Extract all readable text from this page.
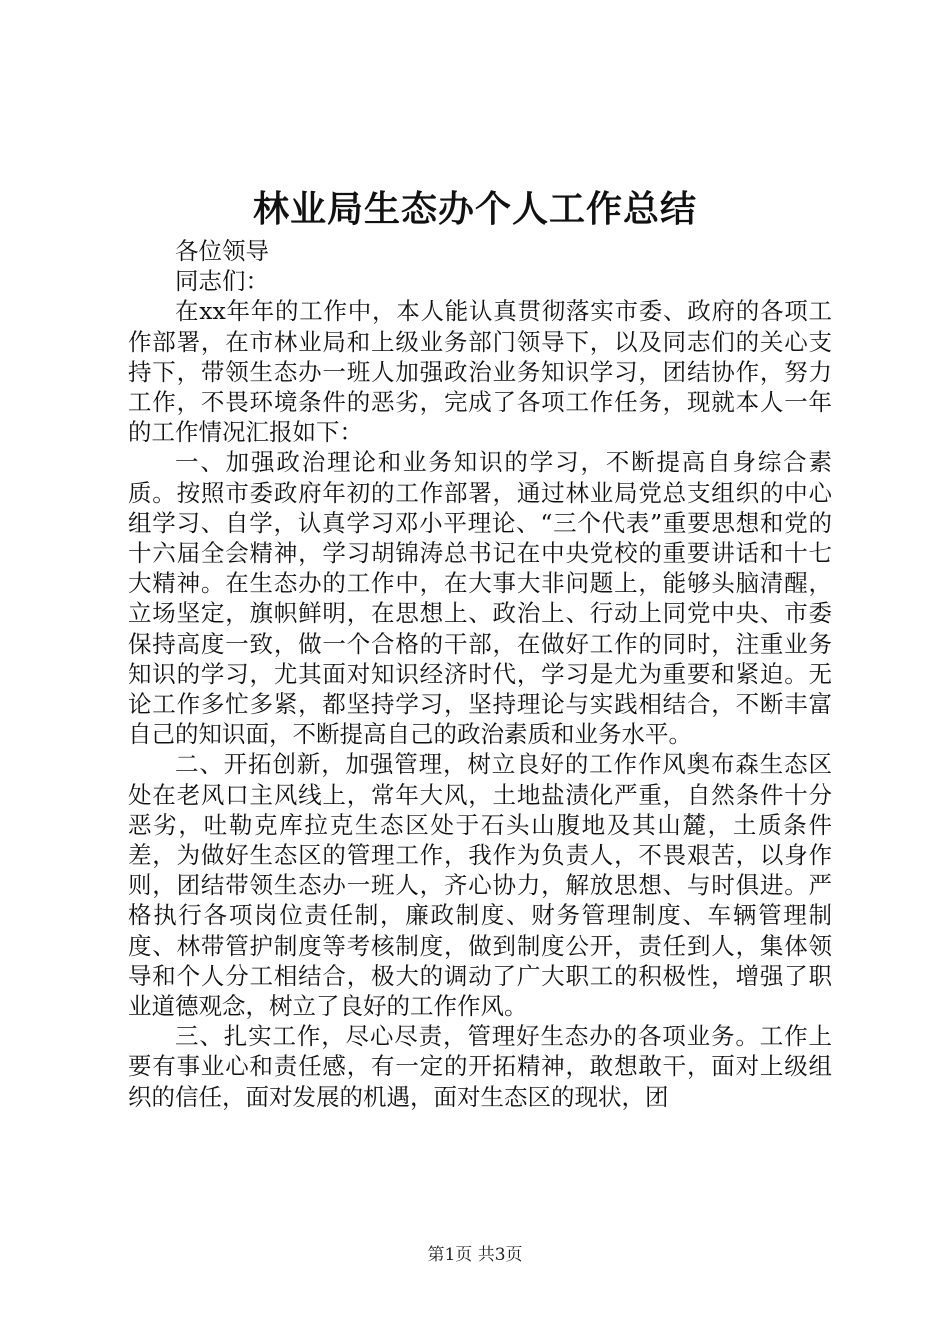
林业局生态办个人工作总结

各位领导

同志们：

在xx年年的工作中，本人能认真贯彻落实市委、政府的各项工作部署，在市林业局和上级业务部门领导下，以及同志们的关心支持下，带领生态办一班人加强政治业务知识学习，团结协作，努力工作，不畏环境条件的恶劣，完成了各项工作任务，现就本人一年的工作情况汇报如下：

一、加强政治理论和业务知识的学习，不断提高自身综合素质。按照市委政府年初的工作部署，通过林业局党总支组织的中心组学习、自学，认真学习邓小平理论、“三个代表”重要思想和党的十六届全会精神，学习胡锦涛总书记在中央党校的重要讲话和十七大精神。在生态办的工作中，在大事大非问题上，能够头脑清醒，立场坚定，旗帜鲜明，在思想上、政治上、行动上同党中央、市委保持高度一致，做一个合格的干部，在做好工作的同时，注重业务知识的学习，尤其面对知识经济时代，学习是尤为重要和紧迫。无论工作多忙多紧，都坚持学习，坚持理论与实践相结合，不断丰富自己的知识面，不断提高自己的政治素质和业务水平。

二、开拓创新，加强管理，树立良好的工作作风奥布森生态区处在老风口主风线上，常年大风，土地盐渍化严重，自然条件十分恶劣，吐勒克库拉克生态区处于石头山腹地及其山麓，土质条件差，为做好生态区的管理工作，我作为负责人，不畏艰苦，以身作则，团结带领生态办一班人，齐心协力，解放思想、与时俱进。严格执行各项岗位责任制，廉政制度、财务管理制度、车辆管理制度、林带管护制度等考核制度，做到制度公开，责任到人，集体领导和个人分工相结合，极大的调动了广大职工的积极性，增强了职业道德观念，树立了良好的工作作风。

三、扎实工作，尽心尽责，管理好生态办的各项业务。工作上要有事业心和责任感，有一定的开拓精神，敢想敢干，面对上级组织的信任，面对发展的机遇，面对生态区的现状，团

第1页 共3页
